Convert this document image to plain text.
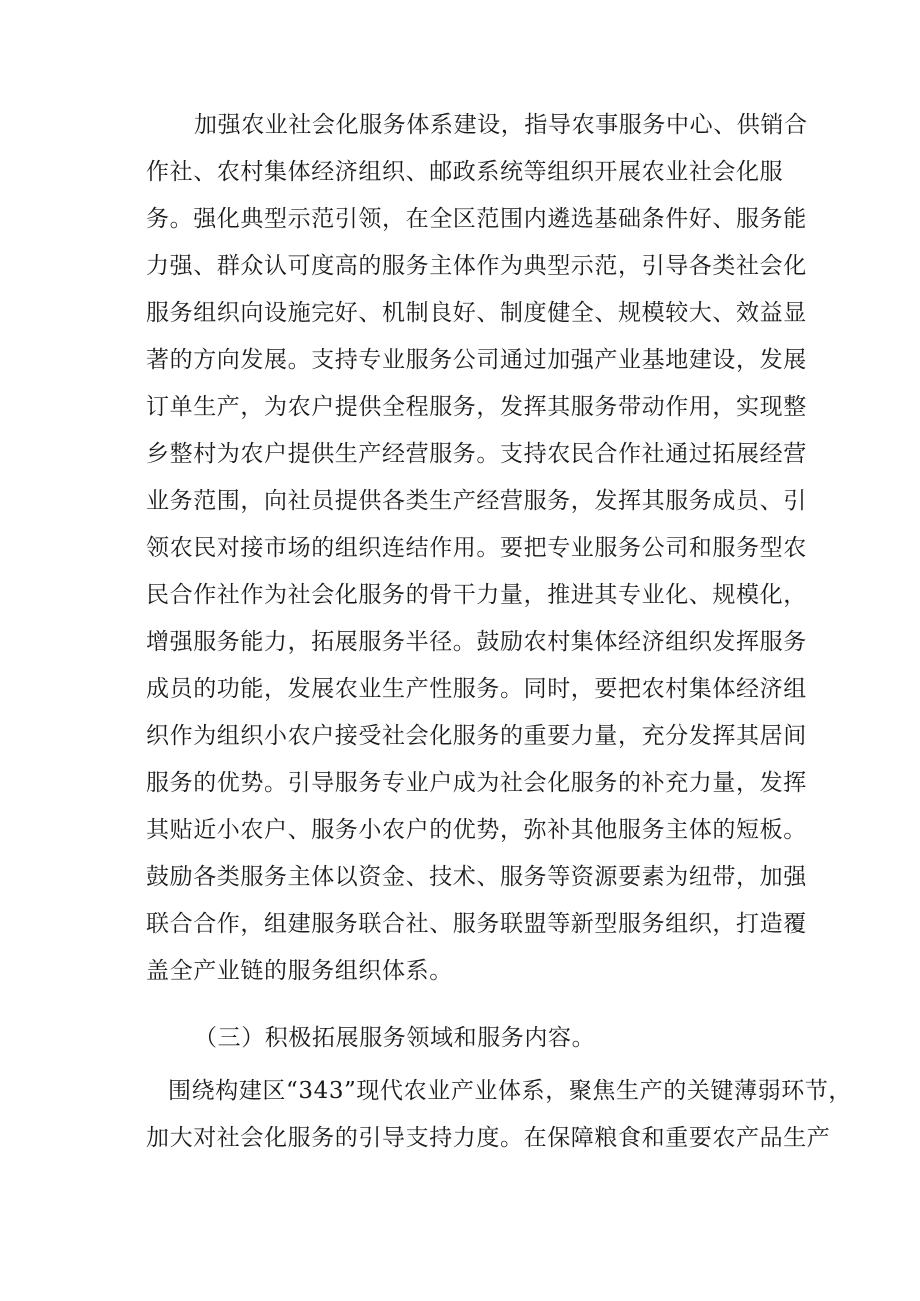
加强农业社会化服务体系建设，指导农事服务中心、供销合
作社、农村集体经济组织、邮政系统等组织开展农业社会化服
务。强化典型示范引领，在全区范围内遴选基础条件好、服务能
力强、群众认可度高的服务主体作为典型示范，引导各类社会化
服务组织向设施完好、机制良好、制度健全、规模较大、效益显
著的方向发展。支持专业服务公司通过加强产业基地建设，发展
订单生产，为农户提供全程服务，发挥其服务带动作用，实现整
乡整村为农户提供生产经营服务。支持农民合作社通过拓展经营
业务范围，向社员提供各类生产经营服务，发挥其服务成员、引
领农民对接市场的组织连结作用。要把专业服务公司和服务型农
民合作社作为社会化服务的骨干力量，推进其专业化、规模化，
增强服务能力，拓展服务半径。鼓励农村集体经济组织发挥服务
成员的功能，发展农业生产性服务。同时，要把农村集体经济组
织作为组织小农户接受社会化服务的重要力量，充分发挥其居间
服务的优势。引导服务专业户成为社会化服务的补充力量，发挥
其贴近小农户、服务小农户的优势，弥补其他服务主体的短板。
鼓励各类服务主体以资金、技术、服务等资源要素为纽带，加强
联合合作，组建服务联合社、服务联盟等新型服务组织，打造覆
盖全产业链的服务组织体系。
（三）积极拓展服务领域和服务内容。
围绕构建区“343”现代农业产业体系，聚焦生产的关键薄弱环节，
加大对社会化服务的引导支持力度。在保障粮食和重要农产品生产
